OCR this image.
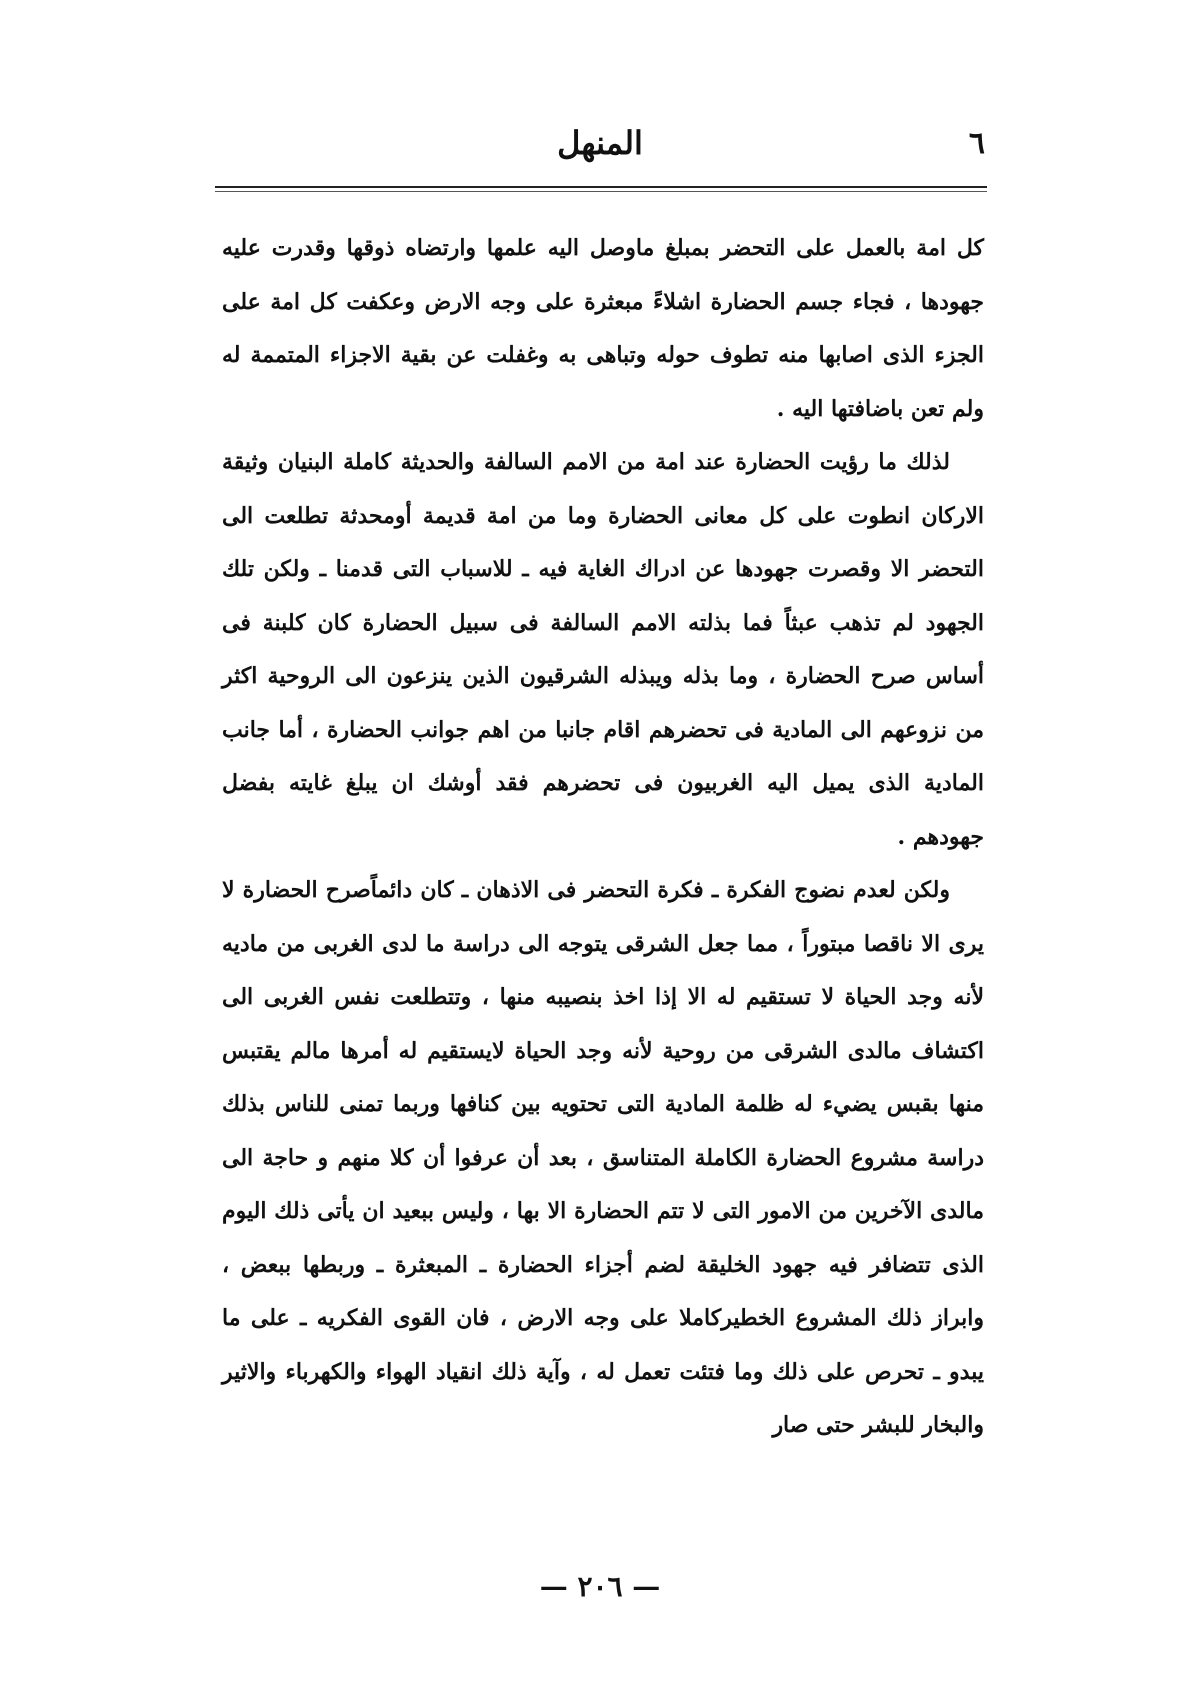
٦
المنهل

كل امة بالعمل على التحضر بمبلغ ماوصل اليه علمها وارتضاه ذوقها وقدرت عليه جهودها ، فجاء جسم الحضارة اشلاءً مبعثرة على وجه الارض وعكفت كل امة على الجزء الذى اصابها منه تطوف حوله وتباهى به وغفلت عن بقية الاجزاء المتممة له ولم تعن باضافتها اليه .

لذلك ما رؤيت الحضارة عند امة من الامم السالفة والحديثة كاملة البنيان وثيقة الاركان انطوت على كل معانى الحضارة وما من امة قديمة أومحدثة تطلعت الى التحضر الا وقصرت جهودها عن ادراك الغاية فيه ـ للاسباب التى قدمنا ـ ولكن تلك الجهود لم تذهب عبثاً فما بذلته الامم السالفة فى سبيل الحضارة كان كلبنة فى أساس صرح الحضارة ، وما بذله ويبذله الشرقيون الذين ينزعون الى الروحية اكثر من نزوعهم الى المادية فى تحضرهم اقام جانبا من اهم جوانب الحضارة ، أما جانب المادية الذى يميل اليه الغربيون فى تحضرهم فقد أوشك ان يبلغ غايته بفضل جهودهم .

ولكن لعدم نضوج الفكرة ـ فكرة التحضر فى الاذهان ـ كان دائماًصرح الحضارة لا يرى الا ناقصا مبتوراً ، مما جعل الشرقى يتوجه الى دراسة ما لدى الغربى من ماديه لأنه وجد الحياة لا تستقيم له الا إذا اخذ بنصيبه منها ، وتتطلعت نفس الغربى الى اكتشاف مالدى الشرقى من روحية لأنه وجد الحياة لايستقيم له أمرها مالم يقتبس منها بقبس يضيء له ظلمة المادية التى تحتويه بين كنافها وربما تمنى للناس بذلك دراسة مشروع الحضارة الكاملة المتناسق ، بعد أن عرفوا أن كلا منهم و حاجة الى مالدى الآخرين من الامور التى لا تتم الحضارة الا بها ، وليس ببعيد ان يأتى ذلك اليوم الذى تتضافر فيه جهود الخليقة لضم أجزاء الحضارة ـ المبعثرة ـ وربطها ببعض ، وابراز ذلك المشروع الخطيركاملا على وجه الارض ، فان القوى الفكريه ـ على ما يبدو ـ تحرص على ذلك وما فتئت تعمل له ، وآية ذلك انقياد الهواء والكهرباء والاثير والبخار للبشر حتى صار

— ٢٠٦ —
